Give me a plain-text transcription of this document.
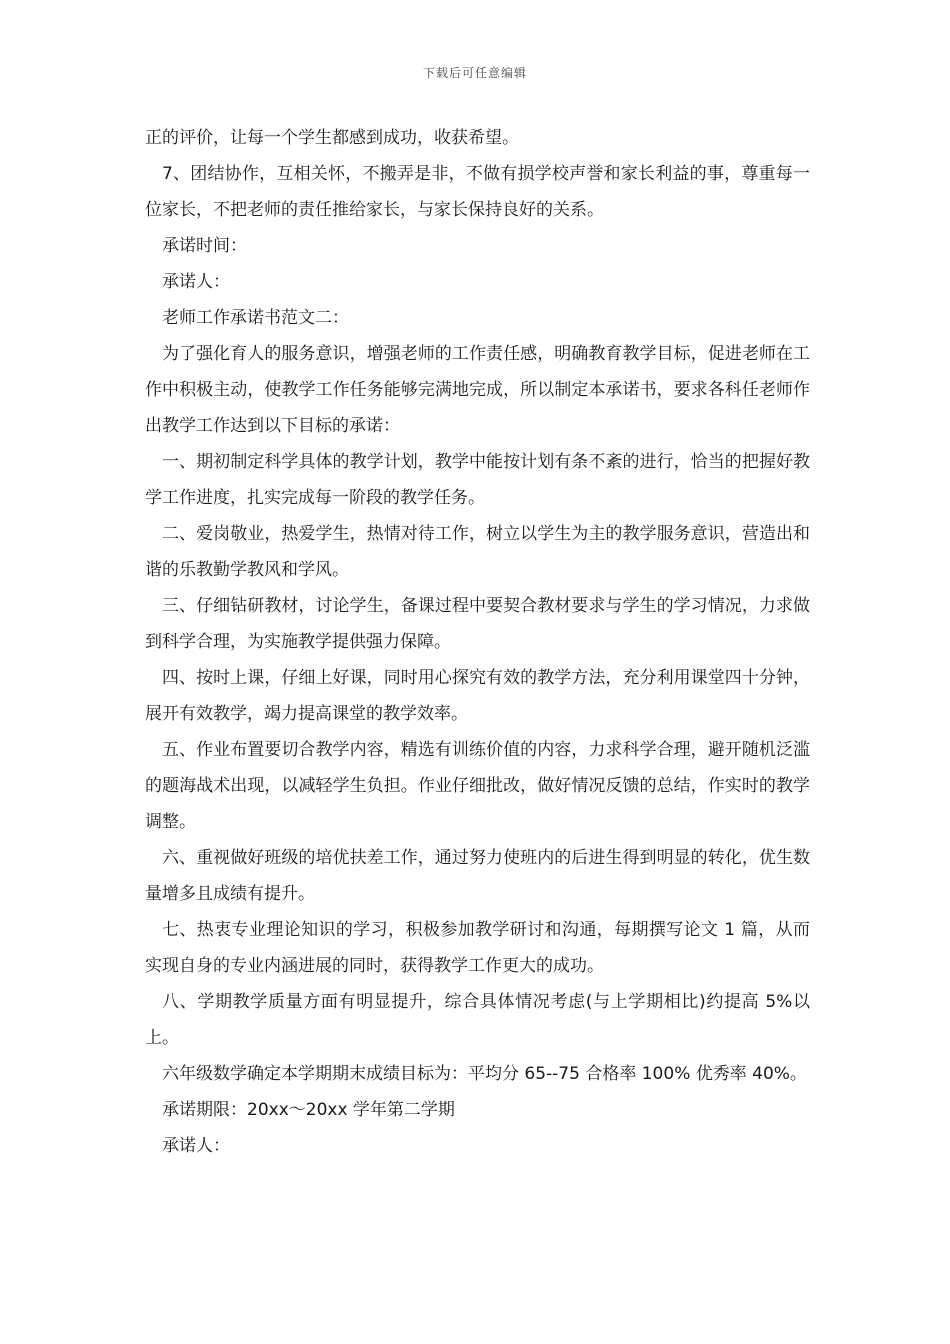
下载后可任意编辑

正的评价，让每一个学生都感到成功，收获希望。

7、团结协作，互相关怀，不搬弄是非，不做有损学校声誉和家长利益的事，尊重每一位家长，不把老师的责任推给家长，与家长保持良好的关系。

承诺时间：

承诺人：

老师工作承诺书范文二：

为了强化育人的服务意识，增强老师的工作责任感，明确教育教学目标，促进老师在工作中积极主动，使教学工作任务能够完满地完成，所以制定本承诺书，要求各科任老师作出教学工作达到以下目标的承诺：

一、期初制定科学具体的教学计划，教学中能按计划有条不紊的进行，恰当的把握好教学工作进度，扎实完成每一阶段的教学任务。

二、爱岗敬业，热爱学生，热情对待工作，树立以学生为主的教学服务意识，营造出和谐的乐教勤学教风和学风。

三、仔细钻研教材，讨论学生，备课过程中要契合教材要求与学生的学习情况，力求做到科学合理，为实施教学提供强力保障。

四、按时上课，仔细上好课，同时用心探究有效的教学方法，充分利用课堂四十分钟，展开有效教学，竭力提高课堂的教学效率。

五、作业布置要切合教学内容，精选有训练价值的内容，力求科学合理，避开随机泛滥的题海战术出现，以减轻学生负担。作业仔细批改，做好情况反馈的总结，作实时的教学调整。

六、重视做好班级的培优扶差工作，通过努力使班内的后进生得到明显的转化，优生数量增多且成绩有提升。

七、热衷专业理论知识的学习，积极参加教学研讨和沟通，每期撰写论文 1 篇，从而实现自身的专业内涵进展的同时，获得教学工作更大的成功。

八、学期教学质量方面有明显提升，综合具体情况考虑(与上学期相比)约提高 5%以上。

六年级数学确定本学期期末成绩目标为：平均分 65--75 合格率 100% 优秀率 40%。

承诺期限：20xx～20xx 学年第二学期

承诺人：
